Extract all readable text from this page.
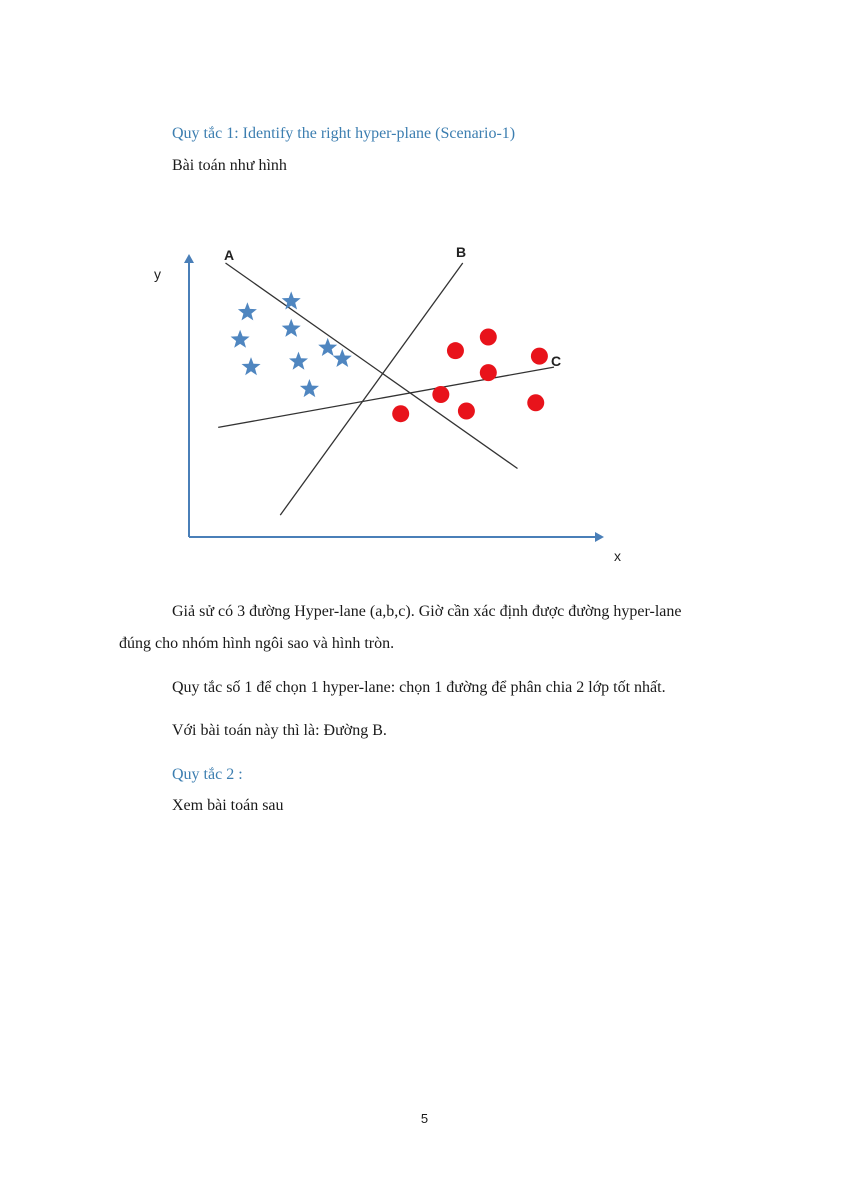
Quy tắc 1: Identify the right hyper-plane (Scenario-1)
Bài toán như hình
x
y
A	B
C
Giả sử có 3 đường Hyper-lane (a,b,c). Giờ cần xác định được đường hyper-lane
đúng cho nhóm hình ngôi sao và hình tròn.
Quy tắc số 1 để chọn 1 hyper-lane: chọn 1 đường để phân chia 2 lớp tốt nhất.
Với bài toán này thì là: Đường B.
Quy tắc 2 :
Xem bài toán sau
5
